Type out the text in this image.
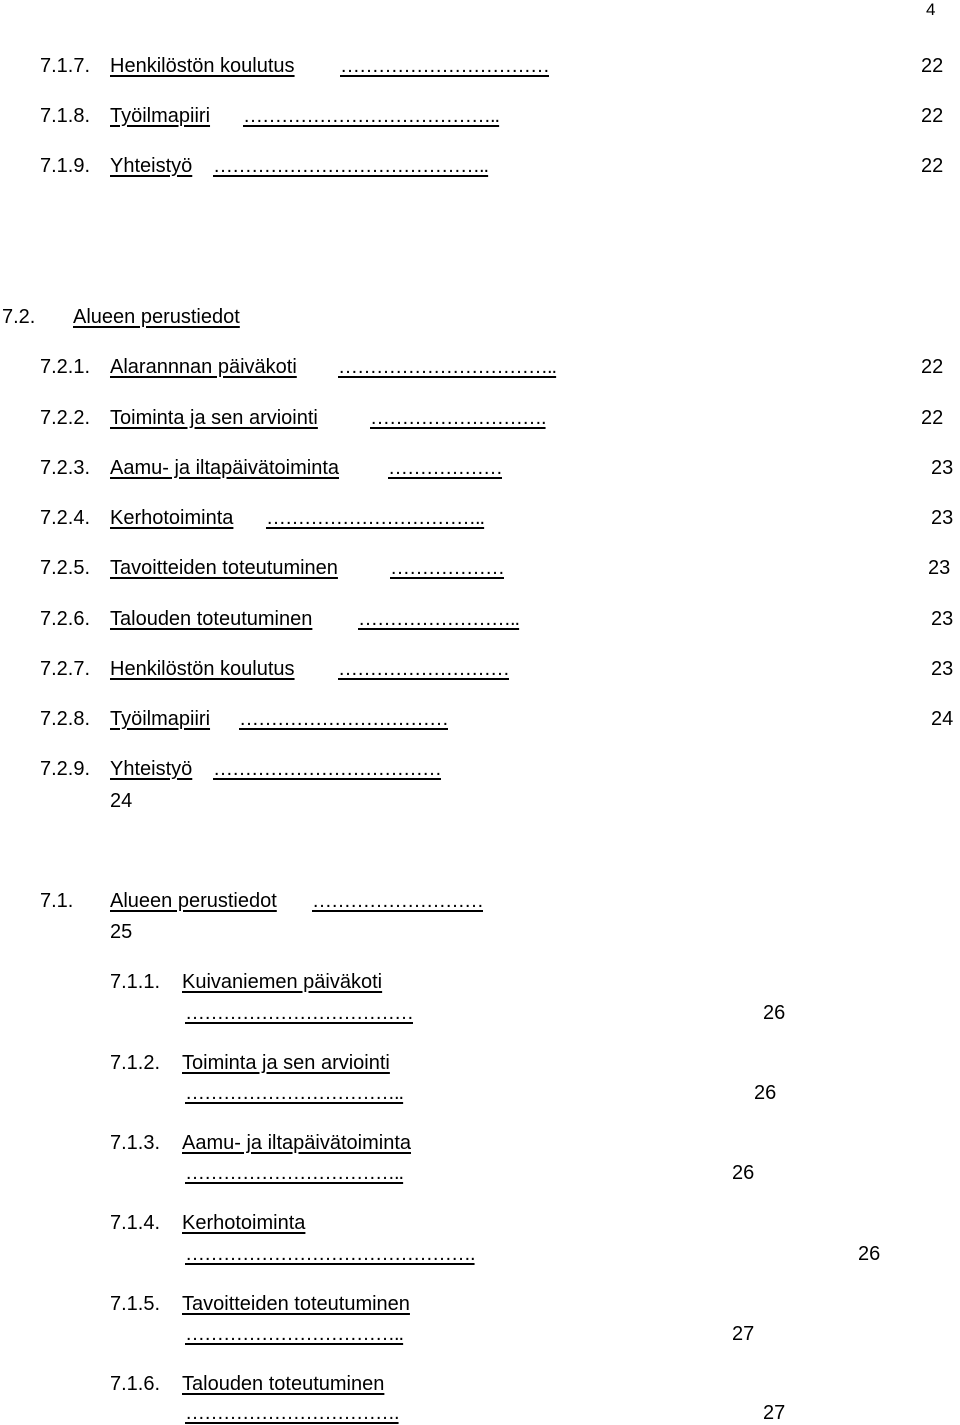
4
7.1.7. Henkilöstön koulutus ……………………………	22
7.1.8. Työilmapiiri …………………………………..	22
7.1.9. Yhteistyö ……………………………………..	22
7.2. Alueen perustiedot
7.2.1. Alarannnan päiväkoti ……………………………..	22
7.2.2. Toiminta ja sen arviointi	……………………….	22
7.2.3. Aamu- ja iltapäivätoiminta ………………	23
7.2.4. Kerhotoiminta ……………………………..	23
7.2.5. Tavoitteiden toteutuminen	………………	23
7.2.6. Talouden toteutuminen ……………………..	23
7.2.7. Henkilöstön koulutus ………………………	23
7.2.8. Työilmapiiri ……………………………	24
7.2.9. Yhteistyö ………………………………
24
7.1. Alueen perustiedot ………………………
25
7.1.1. Kuivaniemen päiväkoti
………………………………	26
7.1.2. Toiminta ja sen arviointi
……………………………..	26
7.1.3. Aamu- ja iltapäivätoiminta
……………………………..	26
7.1.4. Kerhotoiminta
……………………………………….	26
7.1.5. Tavoitteiden toteutuminen
……………………………..	27
7.1.6. Talouden toteutuminen
…………………………….	27
